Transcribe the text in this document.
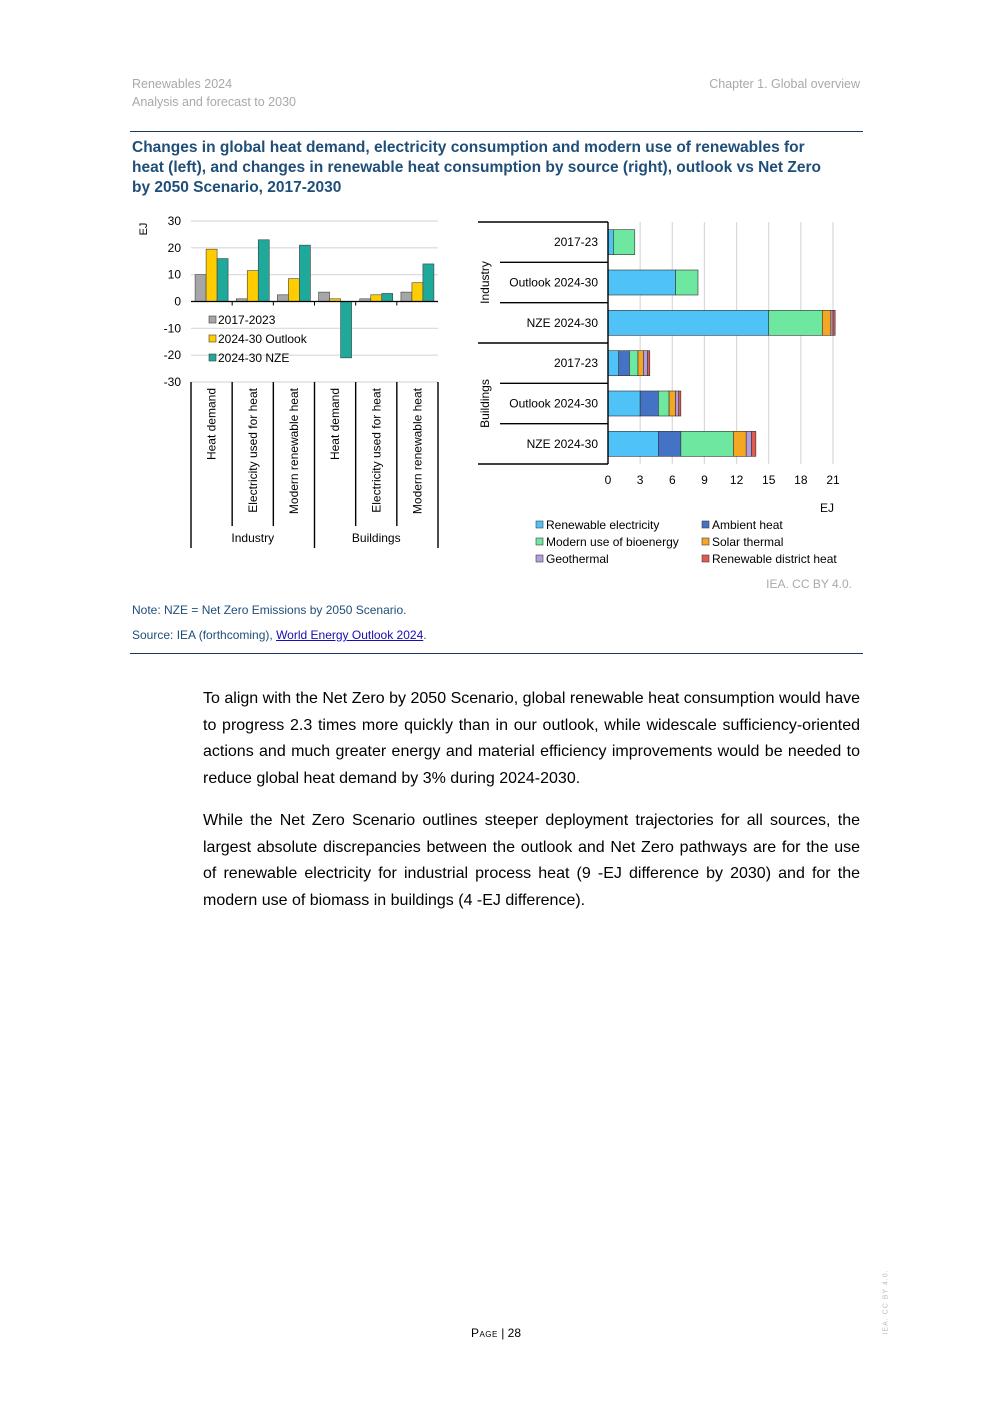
Renewables 2024
Analysis and forecast to 2030
Chapter 1. Global overview
Changes in global heat demand, electricity consumption and modern use of renewables for heat (left), and changes in renewable heat consumption by source (right), outlook vs Net Zero by 2050 Scenario, 2017-2030
30
20
10
0
-10
-20
-30
EJ
Heat demand Electricity used for heat Modern renewable heat Heat demand Electricity used for heat Modern renewable heat
Industry	Buildings
2017-2023
2024-30 Outlook
2024-30 NZE
0 3 6 9 12 15 18 21
EJ
2017-23
Outlook 2024-30
NZE 2024-30
2017-23
Outlook 2024-30
NZE 2024-30
Industry
Buildings
Renewable electricity	Ambient heat
Modern use of bioenergy	Solar thermal
Geothermal	Renewable district heat
IEA. CC BY 4.0.
Note: NZE = Net Zero Emissions by 2050 Scenario.
Source: IEA (forthcoming), World Energy Outlook 2024.

To align with the Net Zero by 2050 Scenario, global renewable heat consumption would have to progress 2.3 times more quickly than in our outlook, while widescale sufficiency-oriented actions and much greater energy and material efficiency improvements would be needed to reduce global heat demand by 3% during 2024-2030.

While the Net Zero Scenario outlines steeper deployment trajectories for all sources, the largest absolute discrepancies between the outlook and Net Zero pathways are for the use of renewable electricity for industrial process heat (9 -EJ difference by 2030) and for the modern use of biomass in buildings (4 -EJ difference).

Page | 28	IEA. CC BY 4.0.
